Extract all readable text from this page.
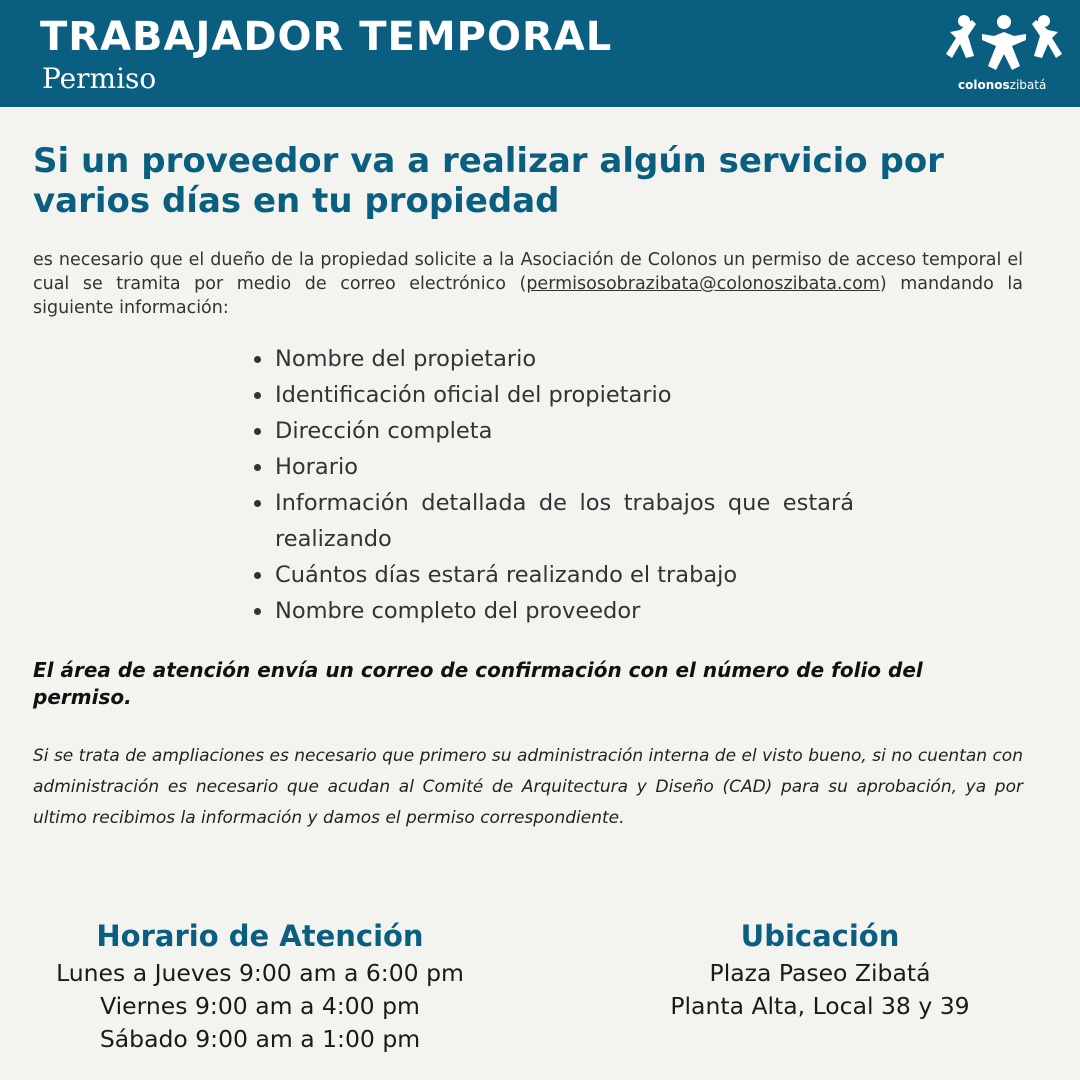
TRABAJADOR TEMPORAL
Permiso	colonoszibatá
Si un proveedor va a realizar algún servicio por varios días en tu propiedad
es necesario que el dueño de la propiedad solicite a la Asociación de Colonos un permiso de acceso temporal el cual se tramita por medio de correo electrónico (permisosobrazibata@colonoszibata.com) mandando la siguiente información:
Nombre del propietario
Identificación oficial del propietario
Dirección completa
Horario
Información detallada de los trabajos que estará realizando
Cuántos días estará realizando el trabajo
Nombre completo del proveedor
El área de atención envía un correo de confirmación con el número de folio del permiso.
Si se trata de ampliaciones es necesario que primero su administración interna de el visto bueno, si no cuentan con administración es necesario que acudan al Comité de Arquitectura y Diseño (CAD) para su aprobación, ya por ultimo recibimos la información y damos el permiso correspondiente.
Horario de Atención
Lunes a Jueves 9:00 am a 6:00 pm
Viernes 9:00 am a 4:00 pm
Sábado 9:00 am a 1:00 pm
Ubicación
Plaza Paseo Zibatá
Planta Alta, Local 38 y 39
